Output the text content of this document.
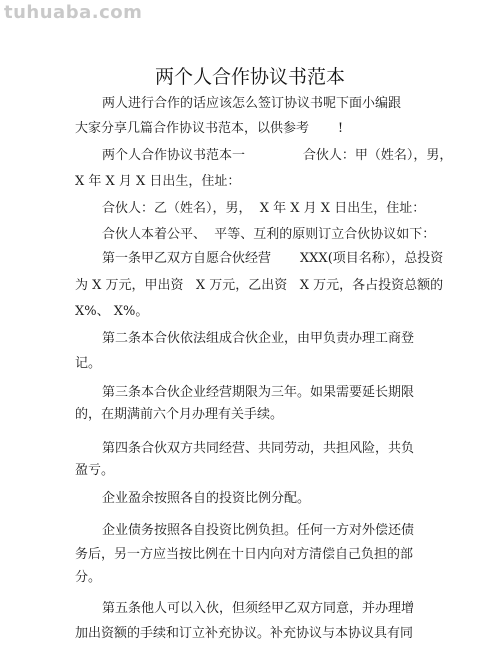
tuhuaba.com
两个人合作协议书范本
两人进行合作的话应该怎么签订协议书呢下面小编跟
大家分享几篇合作协议书范本，以供参考       !
两个人合作协议书范本一              合伙人：甲（姓名），男，
X 年 X 月 X 日出生，住址：
合伙人：乙（姓名），男，  X 年 X 月 X 日出生，住址：
合伙人本着公平、  平等、互利的原则订立合伙协议如下：
第一条甲乙双方自愿合伙经营       XXX(项目名称），总投资
为 X 万元，甲出资   X 万元，乙出资   X 万元，各占投资总额的
X%、 X%。
第二条本合伙依法组成合伙企业，由甲负责办理工商登
记。
第三条本合伙企业经营期限为三年。如果需要延长期限
的，在期满前六个月办理有关手续。
第四条合伙双方共同经营、共同劳动，共担风险，共负
盈亏。
企业盈余按照各自的投资比例分配。
企业债务按照各自投资比例负担。任何一方对外偿还债
务后，另一方应当按比例在十日内向对方清偿自己负担的部
分。
第五条他人可以入伙，但须经甲乙双方同意，并办理增
加出资额的手续和订立补充协议。补充协议与本协议具有同
